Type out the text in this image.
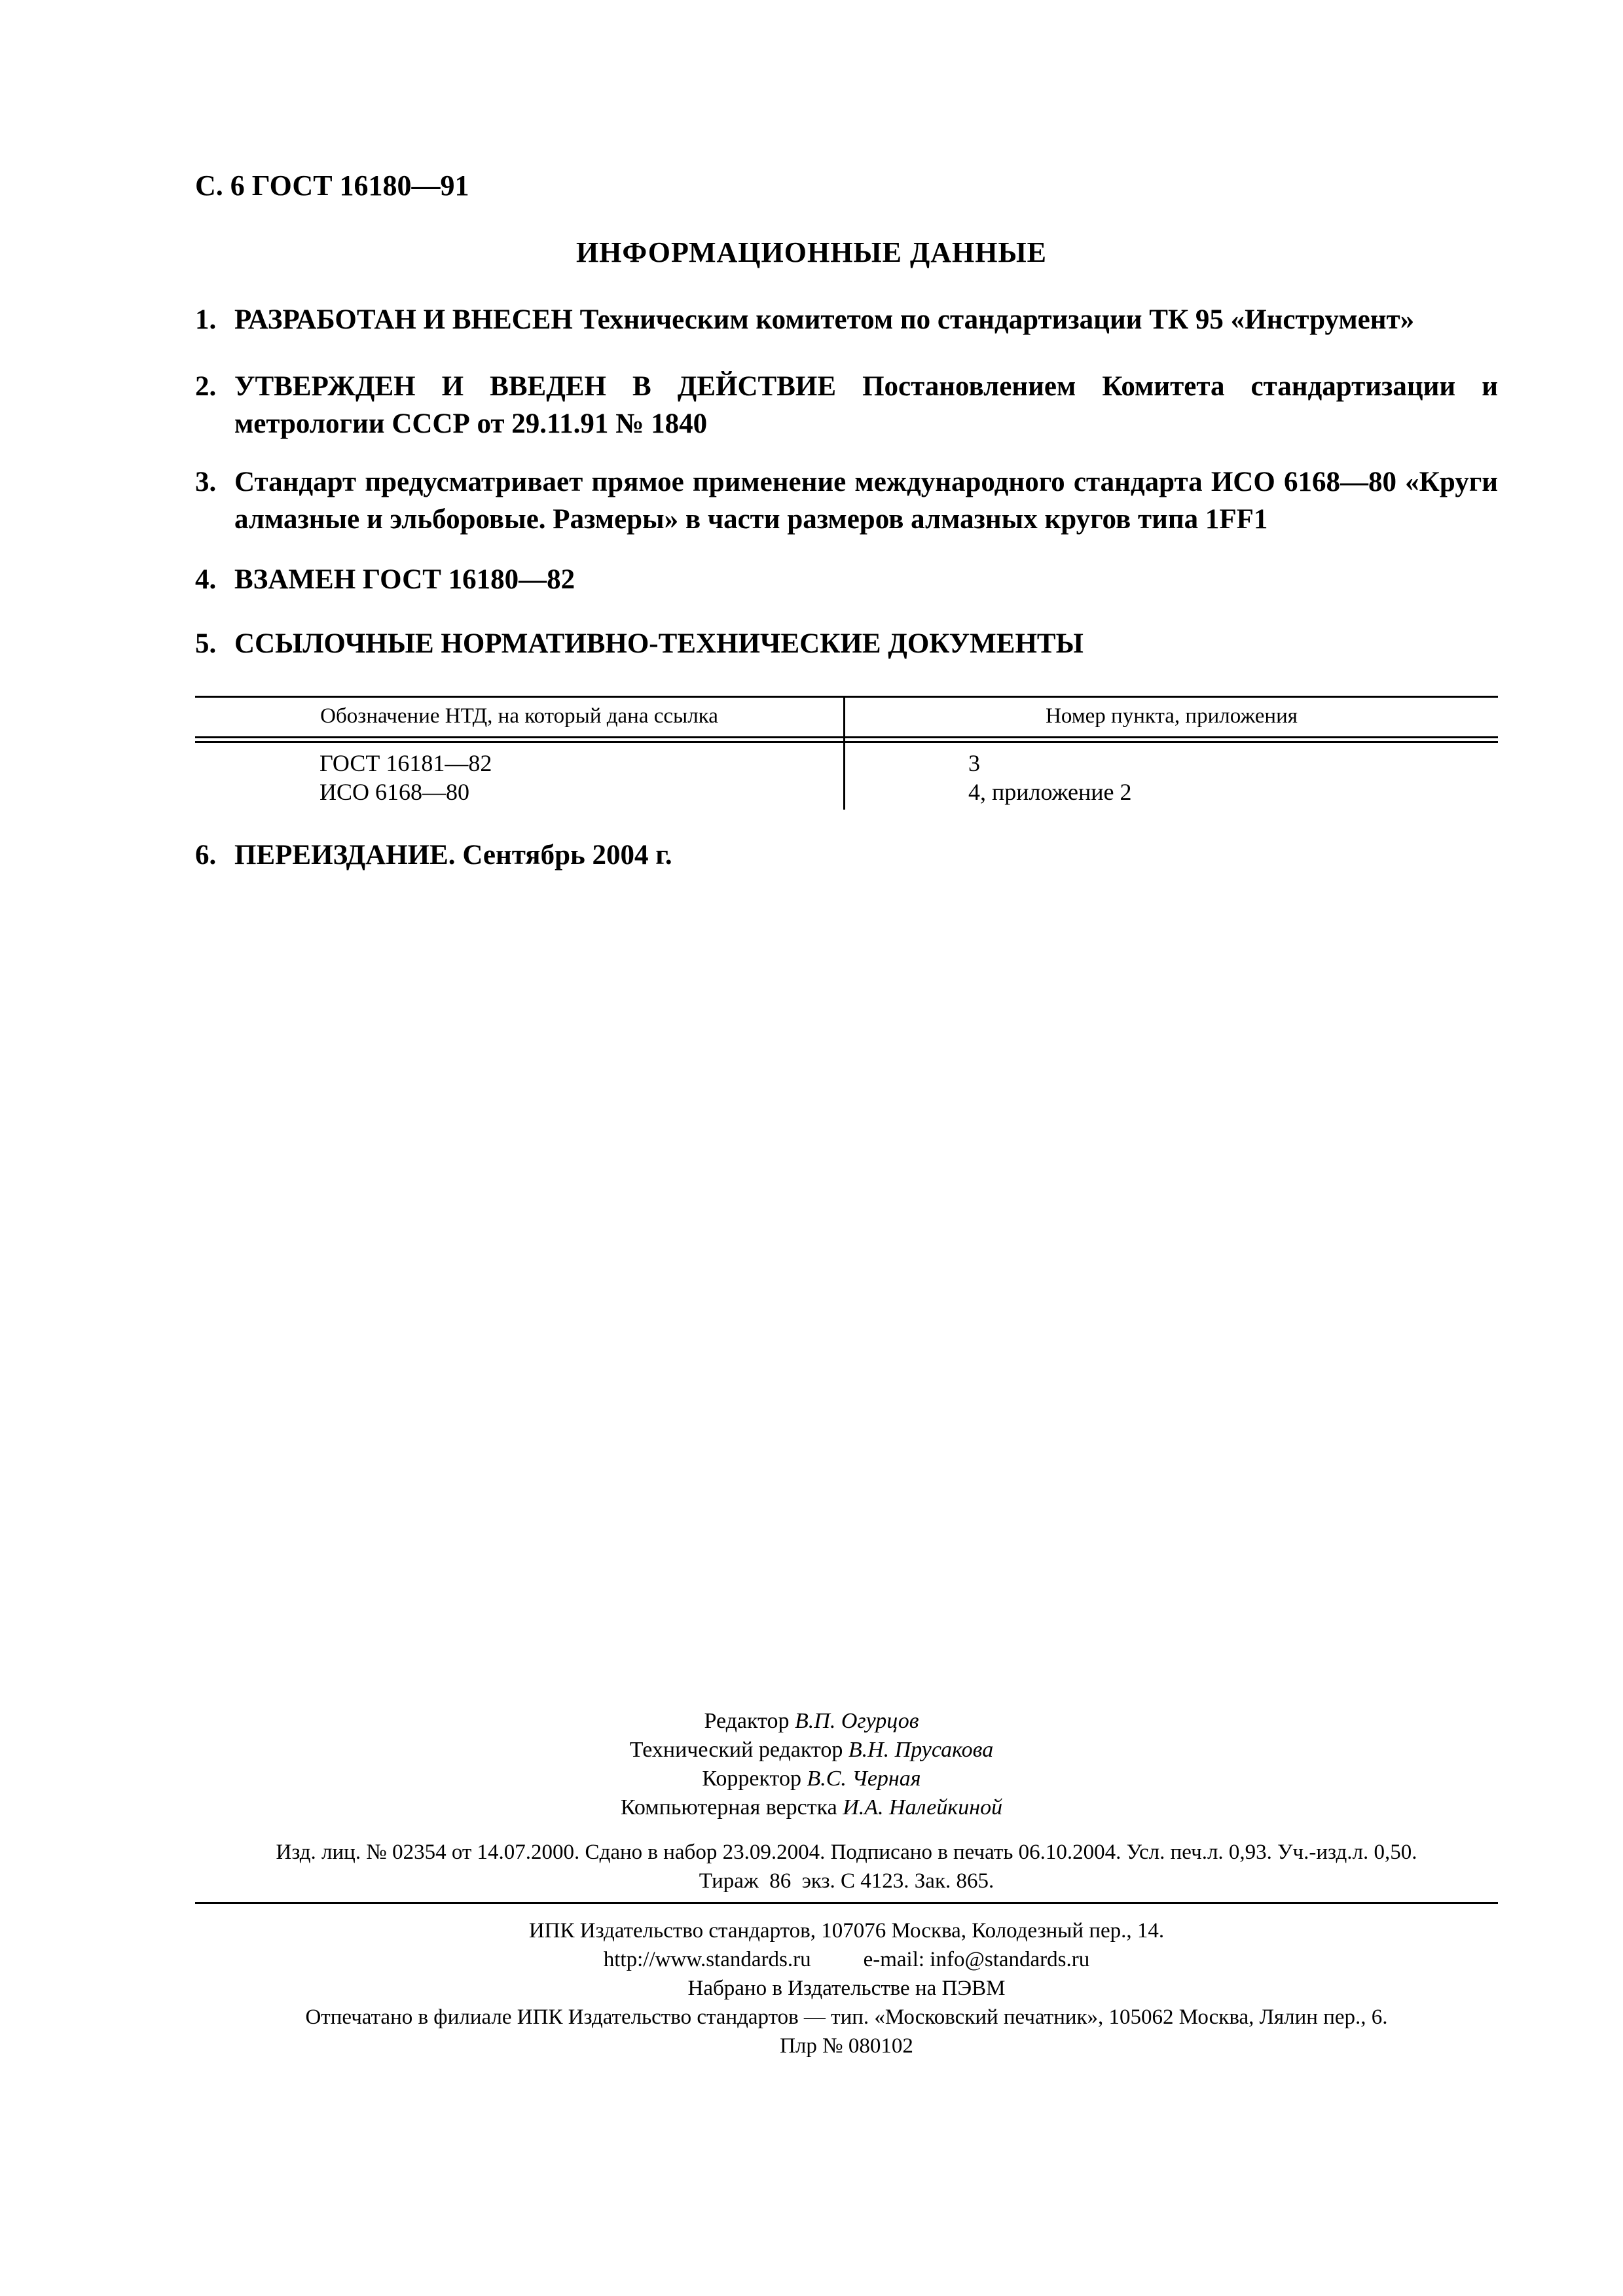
С. 6 ГОСТ 16180—91
ИНФОРМАЦИОННЫЕ ДАННЫЕ
1. РАЗРАБОТАН И ВНЕСЕН Техническим комитетом по стандартизации ТК 95 «Инструмент»
2. УТВЕРЖДЕН И ВВЕДЕН В ДЕЙСТВИЕ Постановлением Комитета стандартизации и метрологии СССР от 29.11.91 № 1840
3. Стандарт предусматривает прямое применение международного стандарта ИСО 6168—80 «Круги алмазные и эльборовые. Размеры» в части размеров алмазных кругов типа 1FF1
4. ВЗАМЕН ГОСТ 16180—82
5. ССЫЛОЧНЫЕ НОРМАТИВНО-ТЕХНИЧЕСКИЕ ДОКУМЕНТЫ
Обозначение НТД, на который дана ссылка	Номер пункта, приложения
ГОСТ 16181—82	3
ИСО 6168—80	4, приложение 2
6. ПЕРЕИЗДАНИЕ. Сентябрь 2004 г.
Редактор В.П. Огурцов
Технический редактор В.Н. Прусакова
Корректор В.С. Черная
Компьютерная верстка И.А. Налейкиной
Изд. лиц. № 02354 от 14.07.2000. Сдано в набор 23.09.2004. Подписано в печать 06.10.2004. Усл. печ.л. 0,93. Уч.-изд.л. 0,50.
Тираж  86  экз. С 4123. Зак. 865.
ИПК Издательство стандартов, 107076 Москва, Колодезный пер., 14.
http://www.standards.ru e-mail: info@standards.ru
Набрано в Издательстве на ПЭВМ
Отпечатано в филиале ИПК Издательство стандартов — тип. «Московский печатник», 105062 Москва, Лялин пер., 6.
Плр № 080102
